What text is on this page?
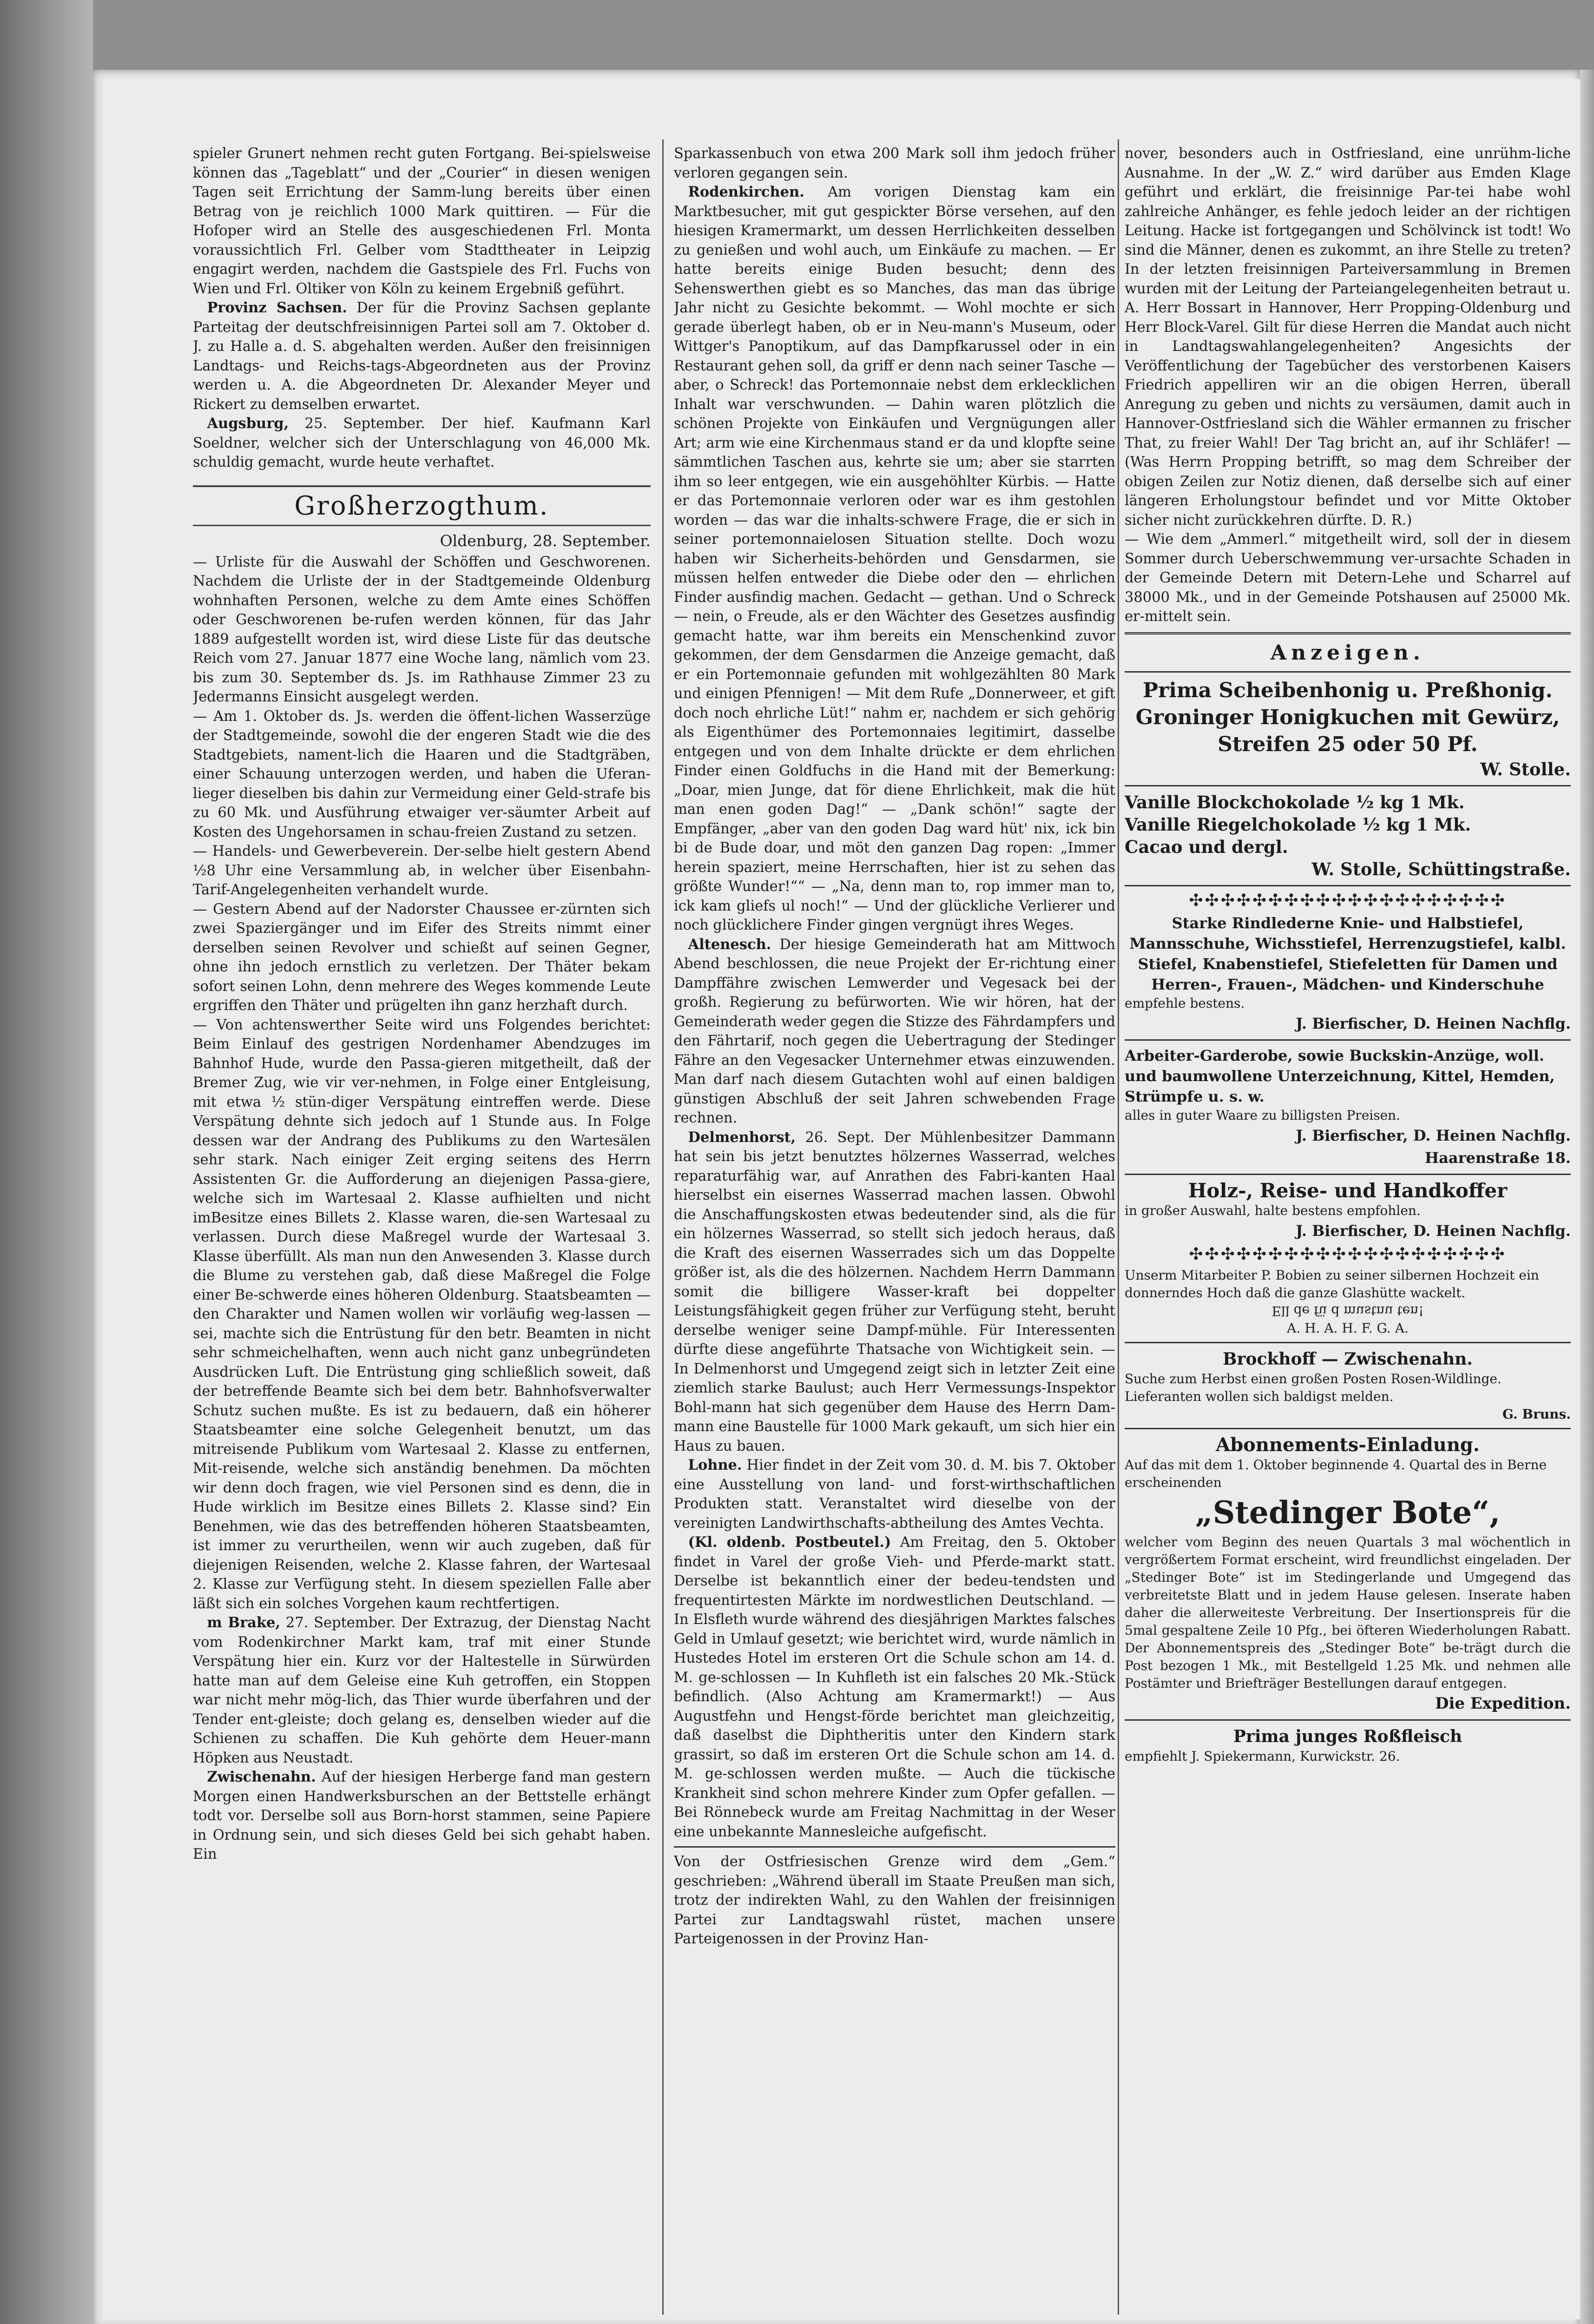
spieler Grunert nehmen recht guten Fortgang. Bei-spielsweise können das „Tageblatt“ und der „Courier“ in diesen wenigen Tagen seit Errichtung der Samm-lung bereits über einen Betrag von je reichlich 1000 Mark quittiren. — Für die Hofoper wird an Stelle des ausgeschiedenen Frl. Monta voraussichtlich Frl. Gelber vom Stadttheater in Leipzig engagirt werden, nachdem die Gastspiele des Frl. Fuchs von Wien und Frl. Oltiker von Köln zu keinem Ergebniß geführt.

 Provinz Sachsen. Der für die Provinz Sachsen geplante Parteitag der deutschfreisinnigen Partei soll am 7. Oktober d. J. zu Halle a. d. S. abgehalten werden. Außer den freisinnigen Landtags- und Reichs-tags-Abgeordneten aus der Provinz werden u. A. die Abgeordneten Dr. Alexander Meyer und Rickert zu demselben erwartet.

 Augsburg, 25. September. Der hief. Kaufmann Karl Soeldner, welcher sich der Unterschlagung von 46,000 Mk. schuldig gemacht, wurde heute verhaftet.

Großherzogthum.
Oldenburg, 28. September.

— Urliste für die Auswahl der Schöffen und Geschworenen. Nachdem die Urliste der in der Stadtgemeinde Oldenburg wohnhaften Personen, welche zu dem Amte eines Schöffen oder Geschworenen be-rufen werden können, für das Jahr 1889 aufgestellt worden ist, wird diese Liste für das deutsche Reich vom 27. Januar 1877 eine Woche lang, nämlich vom 23. bis zum 30. September ds. Js. im Rathhause Zimmer 23 zu Jedermanns Einsicht ausgelegt werden.

— Am 1. Oktober ds. Js. werden die öffent-lichen Wasserzüge der Stadtgemeinde, sowohl die der engeren Stadt wie die des Stadtgebiets, nament-lich die Haaren und die Stadtgräben, einer Schauung unterzogen werden, und haben die Uferan-lieger dieselben bis dahin zur Vermeidung einer Geld-strafe bis zu 60 Mk. und Ausführung etwaiger ver-säumter Arbeit auf Kosten des Ungehorsamen in schau-freien Zustand zu setzen.

— Handels- und Gewerbeverein. Der-selbe hielt gestern Abend ½8 Uhr eine Versammlung ab, in welcher über Eisenbahn-Tarif-Angelegenheiten verhandelt wurde.

— Gestern Abend auf der Nadorster Chaussee er-zürnten sich zwei Spaziergänger und im Eifer des Streits nimmt einer derselben seinen Revolver und schießt auf seinen Gegner, ohne ihn jedoch ernstlich zu verletzen. Der Thäter bekam sofort seinen Lohn, denn mehrere des Weges kommende Leute ergriffen den Thäter und prügelten ihn ganz herzhaft durch.

— Von achtenswerther Seite wird uns Folgendes berichtet: Beim Einlauf des gestrigen Nordenhamer Abendzuges im Bahnhof Hude, wurde den Passa-gieren mitgetheilt, daß der Bremer Zug, wie vir ver-nehmen, in Folge einer Entgleisung, mit etwa ½ stün-diger Verspätung eintreffen werde. Diese Verspätung dehnte sich jedoch auf 1 Stunde aus. In Folge dessen war der Andrang des Publikums zu den Wartesälen sehr stark. Nach einiger Zeit erging seitens des Herrn Assistenten Gr. die Aufforderung an diejenigen Passa-giere, welche sich im Wartesaal 2. Klasse aufhielten und nicht imBesitze eines Billets 2. Klasse waren, die-sen Wartesaal zu verlassen. Durch diese Maßregel wurde der Wartesaal 3. Klasse überfüllt. Als man nun den Anwesenden 3. Klasse durch die Blume zu verstehen gab, daß diese Maßregel die Folge einer Be-schwerde eines höheren Oldenburg. Staatsbeamten — den Charakter und Namen wollen wir vorläufig weg-lassen — sei, machte sich die Entrüstung für den betr. Beamten in nicht sehr schmeichelhaften, wenn auch nicht ganz unbegründeten Ausdrücken Luft. Die Entrüstung ging schließlich soweit, daß der betreffende Beamte sich bei dem betr. Bahnhofsverwalter Schutz suchen mußte. Es ist zu bedauern, daß ein höherer Staatsbeamter eine solche Gelegenheit benutzt, um das mitreisende Publikum vom Wartesaal 2. Klasse zu entfernen, Mit-reisende, welche sich anständig benehmen. Da möchten wir denn doch fragen, wie viel Personen sind es denn, die in Hude wirklich im Besitze eines Billets 2. Klasse sind? Ein Benehmen, wie das des betreffenden höheren Staatsbeamten, ist immer zu verurtheilen, wenn wir auch zugeben, daß für diejenigen Reisenden, welche 2. Klasse fahren, der Wartesaal 2. Klasse zur Verfügung steht. In diesem speziellen Falle aber läßt sich ein solches Vorgehen kaum rechtfertigen.

 m Brake, 27. September. Der Extrazug, der Dienstag Nacht vom Rodenkirchner Markt kam, traf mit einer Stunde Verspätung hier ein. Kurz vor der Haltestelle in Sürwürden hatte man auf dem Geleise eine Kuh getroffen, ein Stoppen war nicht mehr mög-lich, das Thier wurde überfahren und der Tender ent-gleiste; doch gelang es, denselben wieder auf die Schienen zu schaffen. Die Kuh gehörte dem Heuer-mann Höpken aus Neustadt.

 Zwischenahn. Auf der hiesigen Herberge fand man gestern Morgen einen Handwerksburschen an der Bettstelle erhängt todt vor. Derselbe soll aus Born-horst stammen, seine Papiere in Ordnung sein, und sich dieses Geld bei sich gehabt haben. Ein

Sparkassenbuch von etwa 200 Mark soll ihm jedoch früher verloren gegangen sein.

 Rodenkirchen. Am vorigen Dienstag kam ein Marktbesucher, mit gut gespickter Börse versehen, auf den hiesigen Kramermarkt, um dessen Herrlichkeiten desselben zu genießen und wohl auch, um Einkäufe zu machen. — Er hatte bereits einige Buden besucht; denn des Sehenswerthen giebt es so Manches, das man das übrige Jahr nicht zu Gesichte bekommt. — Wohl mochte er sich gerade überlegt haben, ob er in Neu-mann's Museum, oder Wittger's Panoptikum, auf das Dampfkarussel oder in ein Restaurant gehen soll, da griff er denn nach seiner Tasche — aber, o Schreck! das Portemonnaie nebst dem erklecklichen Inhalt war verschwunden. — Dahin waren plötzlich die schönen Projekte von Einkäufen und Vergnügungen aller Art; arm wie eine Kirchenmaus stand er da und klopfte seine sämmtlichen Taschen aus, kehrte sie um; aber sie starrten ihm so leer entgegen, wie ein ausgehöhlter Kürbis. — Hatte er das Portemonnaie verloren oder war es ihm gestohlen worden — das war die inhalts-schwere Frage, die er sich in seiner portemonnaielosen Situation stellte. Doch wozu haben wir Sicherheits-behörden und Gensdarmen, sie müssen helfen entweder die Diebe oder den — ehrlichen Finder ausfindig machen. Gedacht — gethan. Und o Schreck — nein, o Freude, als er den Wächter des Gesetzes ausfindig gemacht hatte, war ihm bereits ein Menschenkind zuvor gekommen, der dem Gensdarmen die Anzeige gemacht, daß er ein Portemonnaie gefunden mit wohlgezählten 80 Mark und einigen Pfennigen! — Mit dem Rufe „Donnerweer, et gift doch noch ehrliche Lüt!“ nahm er, nachdem er sich gehörig als Eigenthümer des Portemonnaies legitimirt, dasselbe entgegen und von dem Inhalte drückte er dem ehrlichen Finder einen Goldfuchs in die Hand mit der Bemerkung: „Doar, mien Junge, dat för diene Ehrlichkeit, mak die hüt man enen goden Dag!“ — „Dank schön!“ sagte der Empfänger, „aber van den goden Dag ward hüt' nix, ick bin bi de Bude doar, und möt den ganzen Dag ropen: „Immer herein spaziert, meine Herrschaften, hier ist zu sehen das größte Wunder!““ — „Na, denn man to, rop immer man to, ick kam gliefs ul noch!“ — Und der glückliche Verlierer und noch glücklichere Finder gingen vergnügt ihres Weges.

 Altenesch. Der hiesige Gemeinderath hat am Mittwoch Abend beschlossen, die neue Projekt der Er-richtung einer Dampffähre zwischen Lemwerder und Vegesack bei der großh. Regierung zu befürworten. Wie wir hören, hat der Gemeinderath weder gegen die Stizze des Fährdampfers und den Fährtarif, noch gegen die Uebertragung der Stedinger Fähre an den Vegesacker Unternehmer etwas einzuwenden. Man darf nach diesem Gutachten wohl auf einen baldigen günstigen Abschluß der seit Jahren schwebenden Frage rechnen.

 Delmenhorst, 26. Sept. Der Mühlenbesitzer Dammann hat sein bis jetzt benutztes hölzernes Wasserrad, welches reparaturfähig war, auf Anrathen des Fabri-kanten Haal hierselbst ein eisernes Wasserrad machen lassen. Obwohl die Anschaffungskosten etwas bedeutender sind, als die für ein hölzernes Wasserrad, so stellt sich jedoch heraus, daß die Kraft des eisernen Wasserrades sich um das Doppelte größer ist, als die des hölzernen. Nachdem Herrn Dammann somit die billigere Wasser-kraft bei doppelter Leistungsfähigkeit gegen früher zur Verfügung steht, beruht derselbe weniger seine Dampf-mühle. Für Interessenten dürfte diese angeführte Thatsache von Wichtigkeit sein. — In Delmenhorst und Umgegend zeigt sich in letzter Zeit eine ziemlich starke Baulust; auch Herr Vermessungs-Inspektor Bohl-mann hat sich gegenüber dem Hause des Herrn Dam-mann eine Baustelle für 1000 Mark gekauft, um sich hier ein Haus zu bauen.

 Lohne. Hier findet in der Zeit vom 30. d. M. bis 7. Oktober eine Ausstellung von land- und forst-wirthschaftlichen Produkten statt. Veranstaltet wird dieselbe von der vereinigten Landwirthschafts-abtheilung des Amtes Vechta.

 (Kl. oldenb. Postbeutel.) Am Freitag, den 5. Oktober findet in Varel der große Vieh- und Pferde-markt statt. Derselbe ist bekanntlich einer der bedeu-tendsten und frequentirtesten Märkte im nordwestlichen Deutschland. — In Elsfleth wurde während des diesjährigen Marktes falsches Geld in Umlauf gesetzt; wie berichtet wird, wurde nämlich in Hustedes Hotel im ersteren Ort die Schule schon am 14. d. M. ge-schlossen — In Kuhfleth ist ein falsches 20 Mk.-Stück befindlich. (Also Achtung am Kramermarkt!) — Aus Augustfehn und Hengst-förde berichtet man gleichzeitig, daß daselbst die Diphtheritis unter den Kindern stark grassirt, so daß im ersteren Ort die Schule schon am 14. d. M. ge-schlossen werden mußte. — Auch die tückische Krankheit sind schon mehrere Kinder zum Opfer gefallen. — Bei Rönnebeck wurde am Freitag Nachmittag in der Weser eine unbekannte Mannesleiche aufgefischt.

Von der Ostfriesischen Grenze wird dem „Gem.“ geschrieben: „Während überall im Staate Preußen man sich, trotz der indirekten Wahl, zu den Wahlen der freisinnigen Partei zur Landtagswahl rüstet, machen unsere Parteigenossen in der Provinz Han-

nover, besonders auch in Ostfriesland, eine unrühm-liche Ausnahme. In der „W. Z.“ wird darüber aus Emden Klage geführt und erklärt, die freisinnige Par-tei habe wohl zahlreiche Anhänger, es fehle jedoch leider an der richtigen Leitung. Hacke ist fortgegangen und Schölvinck ist todt! Wo sind die Männer, denen es zukommt, an ihre Stelle zu treten? In der letzten freisinnigen Parteiversammlung in Bremen wurden mit der Leitung der Parteiangelegenheiten betraut u. A. Herr Bossart in Hannover, Herr Propping-Oldenburg und Herr Block-Varel. Gilt für diese Herren die Mandat auch nicht in Landtagswahlangelegenheiten? Angesichts der Veröffentlichung der Tagebücher des verstorbenen Kaisers Friedrich appelliren wir an die obigen Herren, überall Anregung zu geben und nichts zu versäumen, damit auch in Hannover-Ostfriesland sich die Wähler ermannen zu frischer That, zu freier Wahl! Der Tag bricht an, auf ihr Schläfer! — (Was Herrn Propping betrifft, so mag dem Schreiber der obigen Zeilen zur Notiz dienen, daß derselbe sich auf einer längeren Erholungstour befindet und vor Mitte Oktober sicher nicht zurückkehren dürfte. D. R.)

— Wie dem „Ammerl.“ mitgetheilt wird, soll der in diesem Sommer durch Ueberschwemmung ver-ursachte Schaden in der Gemeinde Detern mit Detern-Lehe und Scharrel auf 38000 Mk., und in der Gemeinde Potshausen auf 25000 Mk. er-mittelt sein.

Anzeigen.
Prima Scheibenhonig u. Preßhonig.
Groninger Honigkuchen mit Gewürz,
Streifen 25 oder 50 Pf.
W. Stolle.
Vanille Blockchokolade ½ kg 1 Mk.
Vanille Riegelchokolade ½ kg 1 Mk.
Cacao und dergl.
W. Stolle, Schüttingstraße.
✣✣✣✣✣✣✣✣✣✣✣✣✣✣✣✣✣✣✣✣
Starke Rindlederne Knie- und Halbstiefel, Mannsschuhe, Wichsstiefel, Herrenzugstiefel, kalbl. Stiefel, Knabenstiefel, Stiefeletten für Damen und Herren-, Frauen-, Mädchen- und Kinderschuhe
empfehle bestens.
J. Bierfischer, D. Heinen Nachflg.
Arbeiter-Garderobe, sowie Buckskin-Anzüge, woll. und baumwollene Unterzeichnung, Kittel, Hemden, Strümpfe u. s. w.
alles in guter Waare zu billigsten Preisen.
J. Bierfischer, D. Heinen Nachflg.
Haarenstraße 18.
Holz-, Reise- und Handkoffer
in großer Auswahl, halte bestens empfohlen.
J. Bierfischer, D. Heinen Nachflg.
✣✣✣✣✣✣✣✣✣✣✣✣✣✣✣✣✣✣✣✣
Unserm Mitarbeiter P. Bobien zu seiner silbernen Hochzeit ein donnerndes Hoch daß die ganze Glashütte wackelt.
Ell de fü d mustnu ten!
A. H. A. H. F. G. A.
Brockhoff — Zwischenahn.
Suche zum Herbst einen großen Posten Rosen-Wildlinge. Lieferanten wollen sich baldigst melden.
G. Bruns.
Abonnements-Einladung.
Auf das mit dem 1. Oktober beginnende 4. Quartal des in Berne erscheinenden
„Stedinger Bote“,
welcher vom Beginn des neuen Quartals 3 mal wöchentlich in vergrößertem Format erscheint, wird freundlichst eingeladen. Der „Stedinger Bote“ ist im Stedingerlande und Umgegend das verbreitetste Blatt und in jedem Hause gelesen. Inserate haben daher die allerweiteste Verbreitung. Der Insertionspreis für die 5mal gespaltene Zeile 10 Pfg., bei öfteren Wiederholungen Rabatt. Der Abonnementspreis des „Stedinger Bote“ be-trägt durch die Post bezogen 1 Mk., mit Bestellgeld 1.25 Mk. und nehmen alle Postämter und Briefträger Bestellungen darauf entgegen.
Die Expedition.
Prima junges Roßfleisch
empfiehlt J. Spiekermann, Kurwickstr. 26.
